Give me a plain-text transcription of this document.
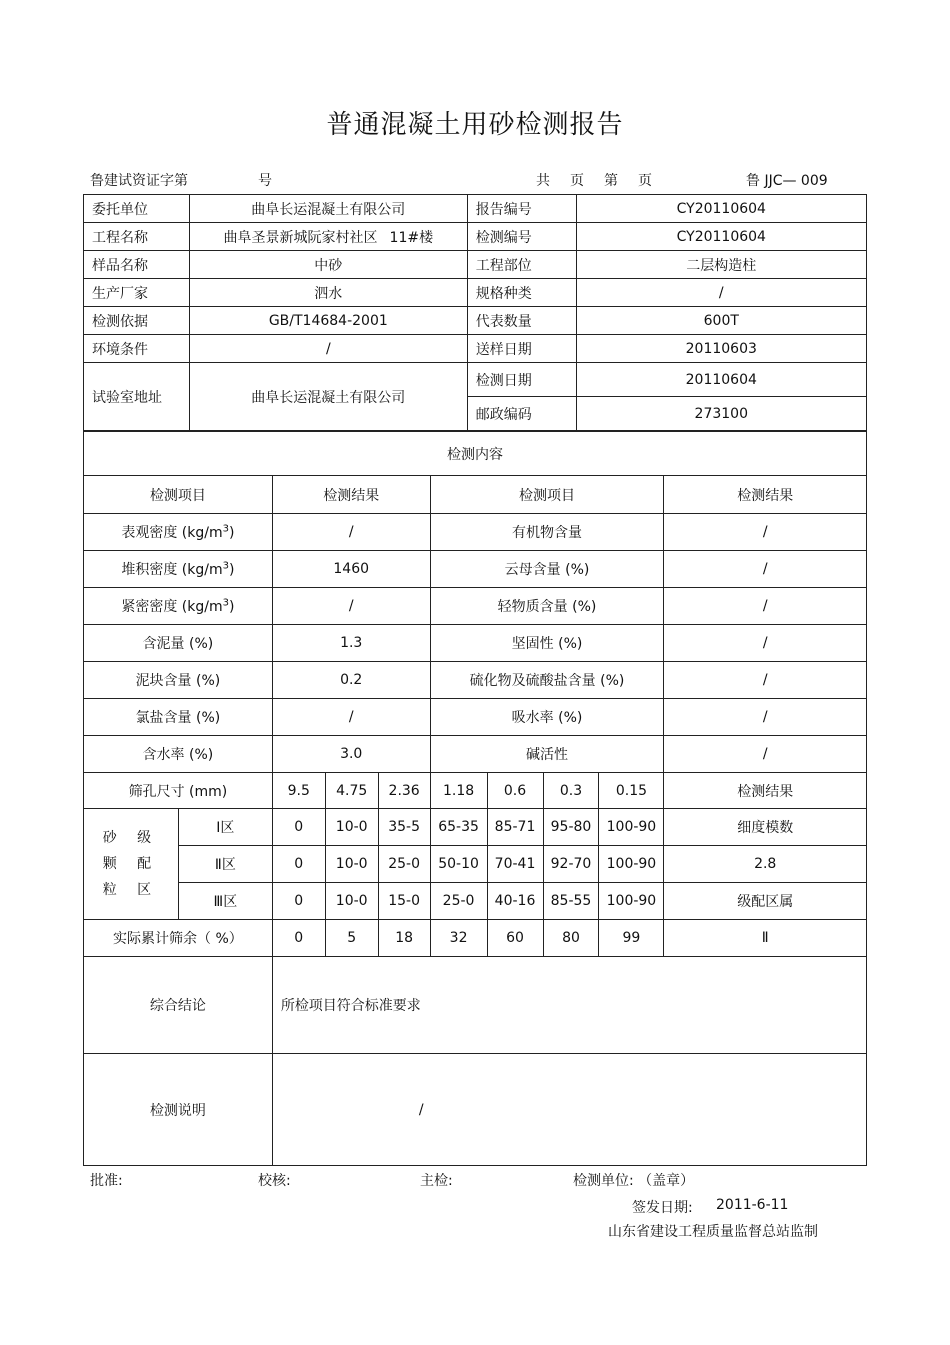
普通混凝土用砂检测报告
鲁建试资证字第	号	共 页 第 页	鲁 JJC— 009
委托单位	曲阜长运混凝土有限公司	报告编号	CY20110604
工程名称	曲阜圣景新城阮家村社区 11#楼	检测编号	CY20110604
样品名称	中砂	工程部位	二层构造柱
生产厂家	泗水	规格种类	/
检测依据	GB/T14684-2001	代表数量	600T
环境条件	/	送样日期	20110603
试验室地址	曲阜长运混凝土有限公司	检测日期	20110604
		邮政编码	273100
检测内容									
检测项目		检测结果			检测项目				检测结果
表观密度 $(kg/m^3)$		/			有机物含量				/
堆积密度 $(kg/m^3)$		1460			云母含量 (%)				/
紧密密度 $(kg/m^3)$		/			轻物质含量 (%)				/
含泥量 (%)		1.3			坚固性 (%)				/
泥块含量 (%)		0.2			硫化物及硫酸盐含量 (%)				/
氯盐含量 (%)		/			吸水率 (%)				/
含水率 (%)		3.0			碱活性				/
筛孔尺寸 (mm)		9.5	4.75	2.36	1.18	0.6	0.3	0.15	检测结果

砂 级
颗 配
粒 区	Ⅰ区	0	10-0	35-5	65-35	85-71	95-80	100-90	细度模数
	Ⅱ区	0	10-0	25-0	50-10	70-41	92-70	100-90	2.8
	Ⅲ区	0	10-0	15-0	25-0	40-16	85-55	100-90	级配区属
实际累计筛余（ %）		0	5	18	32	60	80	99	Ⅱ
综合结论		所检项目符合标准要求							
检测说明		/							
批准:	校核:	主检:	检测单位: （盖章）
签发日期: 2011-6-11
山东省建设工程质量监督总站监制
